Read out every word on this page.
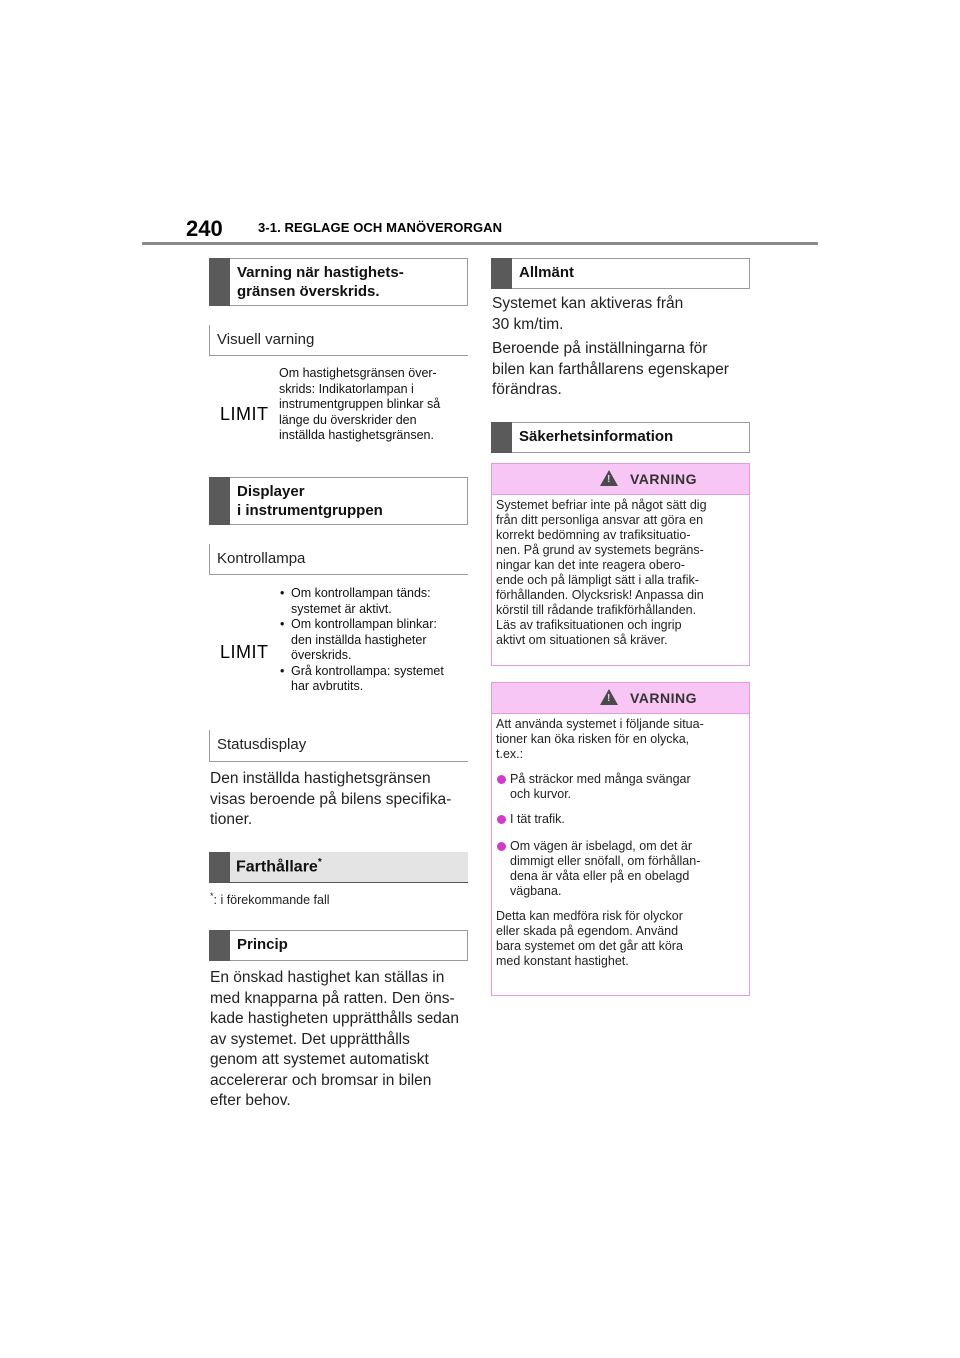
240	3-1. REGLAGE OCH MANÖVERORGAN
Varning när hastighets-
gränsen överskrids.
Visuell varning
LIMIT
Om hastighetsgränsen över-
skrids: Indikatorlampan i
instrumentgruppen blinkar så
länge du överskrider den
inställda hastighetsgränsen.
Displayer
i instrumentgruppen
Kontrollampa
LIMIT
• Om kontrollampan tänds:
systemet är aktivt.
• Om kontrollampan blinkar:
den inställda hastigheter
överskrids.
• Grå kontrollampa: systemet
har avbrutits.
Statusdisplay

Den inställda hastighetsgränsen
visas beroende på bilens specifika-
tioner.

Farthållare*
*: i förekommande fall
Princip

En önskad hastighet kan ställas in
med knapparna på ratten. Den öns-
kade hastigheten upprätthålls sedan
av systemet. Det upprätthålls
genom att systemet automatiskt
accelererar och bromsar in bilen
efter behov.

Allmänt

Systemet kan aktiveras från
30 km/tim.

Beroende på inställningarna för
bilen kan farthållarens egenskaper
förändras.

Säkerhetsinformation
! VARNING
Systemet befriar inte på något sätt dig
från ditt personliga ansvar att göra en
korrekt bedömning av trafiksituatio-
nen. På grund av systemets begräns-
ningar kan det inte reagera obero-
ende och på lämpligt sätt i alla trafik-
förhållanden. Olycksrisk! Anpassa din
körstil till rådande trafikförhållanden.
Läs av trafiksituationen och ingrip
aktivt om situationen så kräver.
! VARNING
Att använda systemet i följande situa-
tioner kan öka risken för en olycka,
t.ex.:
På sträckor med många svängar
och kurvor.
I tät trafik.
Om vägen är isbelagd, om det är
dimmigt eller snöfall, om förhållan-
dena är våta eller på en obelagd
vägbana.
Detta kan medföra risk för olyckor
eller skada på egendom. Använd
bara systemet om det går att köra
med konstant hastighet.
